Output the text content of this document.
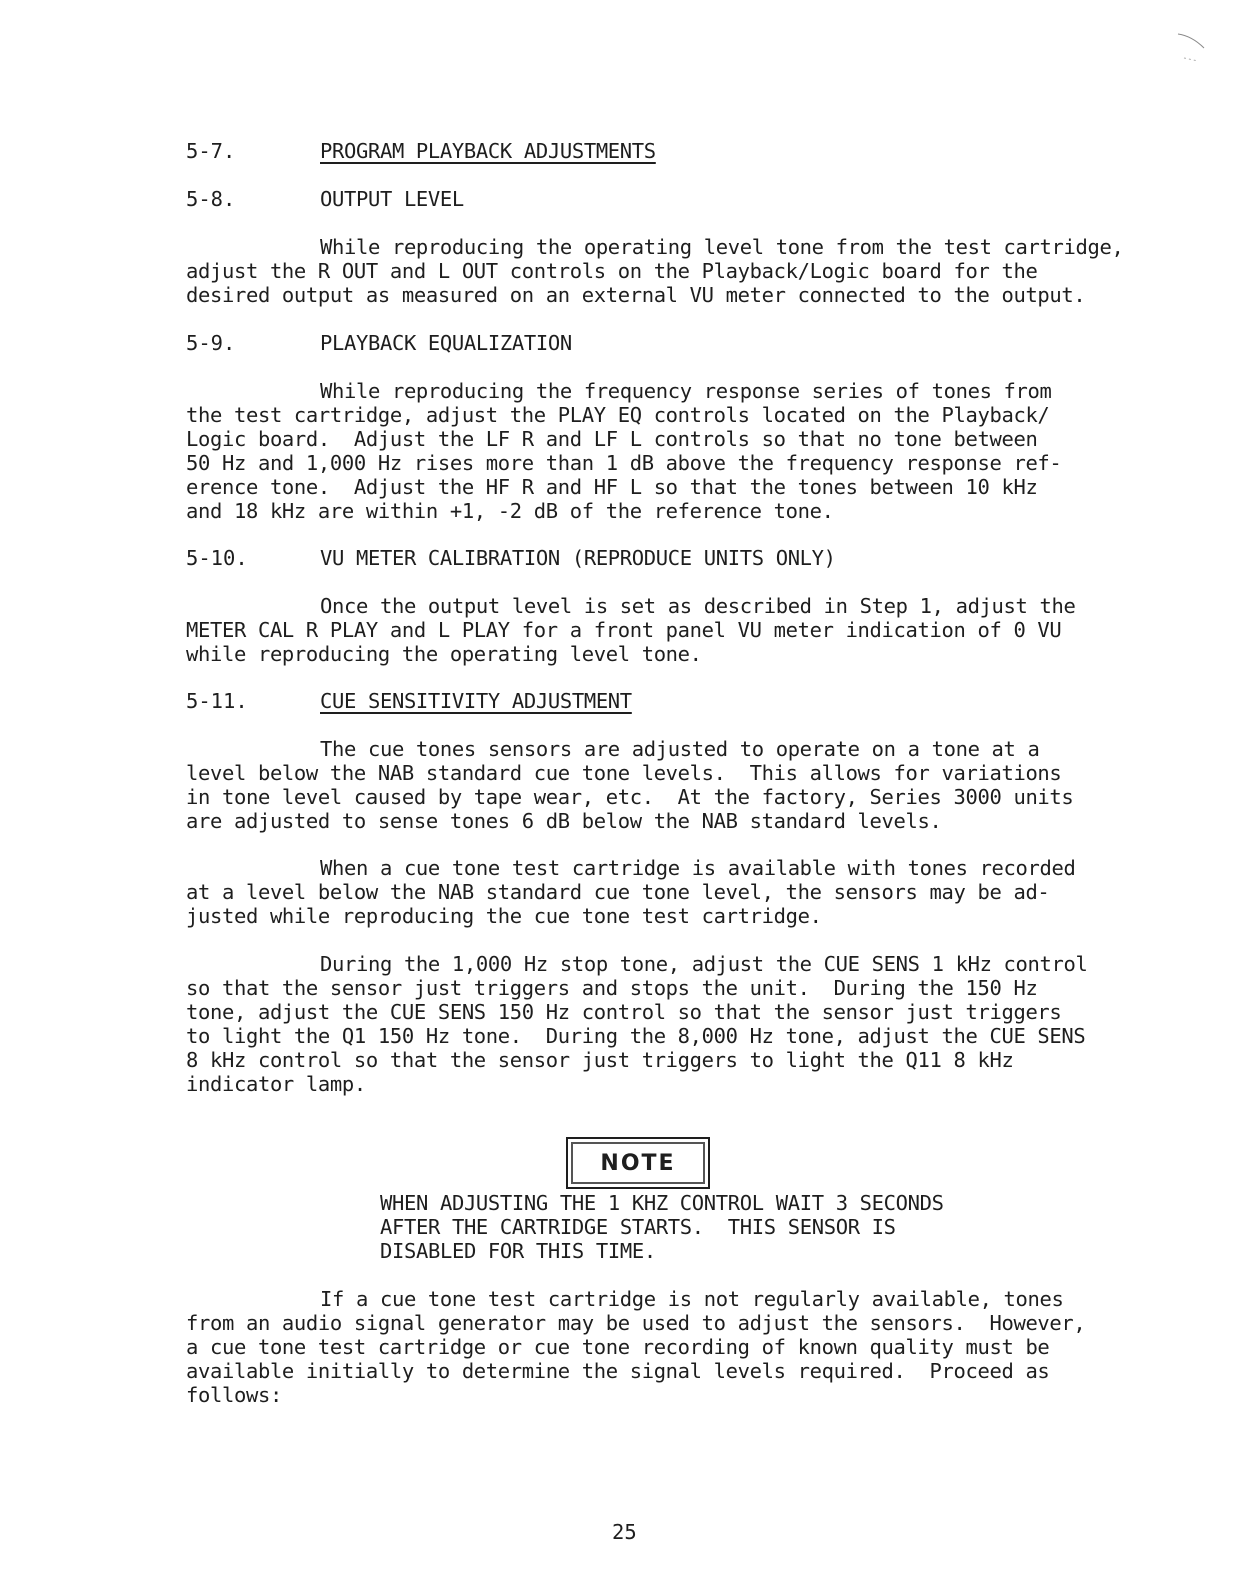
5-7.	PROGRAM PLAYBACK ADJUSTMENTS
5-8.	OUTPUT LEVEL
While reproducing the operating level tone from the test cartridge,
adjust the R OUT and L OUT controls on the Playback/Logic board for the
desired output as measured on an external VU meter connected to the output.
5-9.	PLAYBACK EQUALIZATION
While reproducing the frequency response series of tones from
the test cartridge, adjust the PLAY EQ controls located on the Playback/
Logic board.  Adjust the LF R and LF L controls so that no tone between
50 Hz and 1,000 Hz rises more than 1 dB above the frequency response ref-
erence tone.  Adjust the HF R and HF L so that the tones between 10 kHz
and 18 kHz are within +1, -2 dB of the reference tone.
5-10.	VU METER CALIBRATION (REPRODUCE UNITS ONLY)
Once the output level is set as described in Step 1, adjust the
METER CAL R PLAY and L PLAY for a front panel VU meter indication of 0 VU
while reproducing the operating level tone.
5-11.	CUE SENSITIVITY ADJUSTMENT
The cue tones sensors are adjusted to operate on a tone at a
level below the NAB standard cue tone levels.  This allows for variations
in tone level caused by tape wear, etc.  At the factory, Series 3000 units
are adjusted to sense tones 6 dB below the NAB standard levels.
When a cue tone test cartridge is available with tones recorded
at a level below the NAB standard cue tone level, the sensors may be ad-
justed while reproducing the cue tone test cartridge.
During the 1,000 Hz stop tone, adjust the CUE SENS 1 kHz control
so that the sensor just triggers and stops the unit.  During the 150 Hz
tone, adjust the CUE SENS 150 Hz control so that the sensor just triggers
to light the Q1 150 Hz tone.  During the 8,000 Hz tone, adjust the CUE SENS
8 kHz control so that the sensor just triggers to light the Q11 8 kHz
indicator lamp.
NOTE
WHEN ADJUSTING THE 1 KHZ CONTROL WAIT 3 SECONDS
AFTER THE CARTRIDGE STARTS.  THIS SENSOR IS
DISABLED FOR THIS TIME.
If a cue tone test cartridge is not regularly available, tones
from an audio signal generator may be used to adjust the sensors.  However,
a cue tone test cartridge or cue tone recording of known quality must be
available initially to determine the signal levels required.  Proceed as
follows:
25
